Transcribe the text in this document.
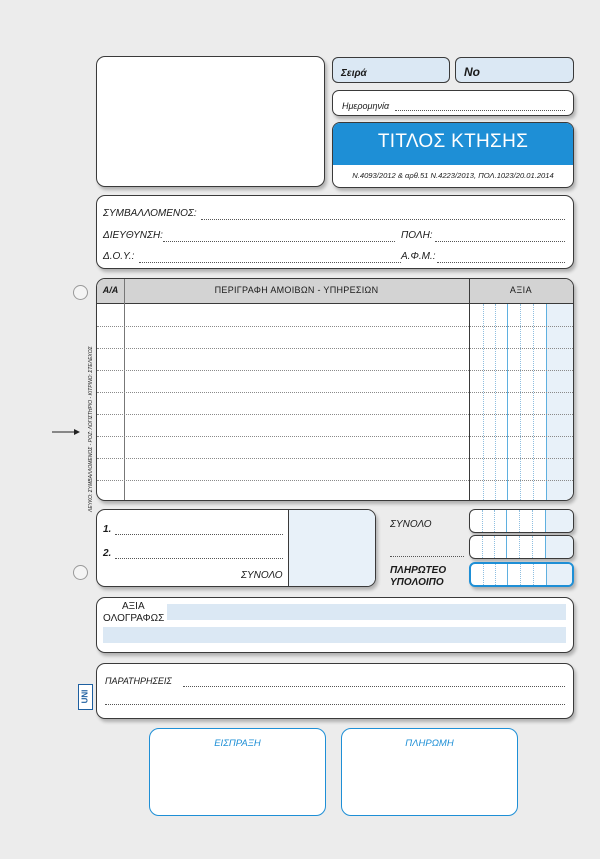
Σειρά	Νο
Ημερομηνία
ΤΙΤΛΟΣ ΚΤΗΣΗΣ
Ν.4093/2012 & αρθ.51 Ν.4223/2013, ΠΟΛ.1023/20.01.2014
ΣΥΜΒΑΛΛΟΜΕΝΟΣ:
ΔΙΕΥΘΥΝΣΗ:	ΠΟΛΗ:
Δ.Ο.Υ.:	Α.Φ.Μ.:
ΛΕΥΚΟ: ΣΥΜΒΑΛΛΟΜΕΝΟΣ - ΡΟΖ: ΛΟΓΙΣΤΗΡΙΟ - ΚΙΤΡΙΝΟ: ΣΤΕΛΕΧΟΣ
Α/Α	ΠΕΡΙΓΡΑΦΗ ΑΜΟΙΒΩΝ - ΥΠΗΡΕΣΙΩΝ	ΑΞΙΑ
1.
2.
ΣΥΝΟΛΟ
ΣΥΝΟΛΟ
ΠΛΗΡΩΤΕΟ
ΥΠΟΛΟΙΠΟ
ΑΞΙΑ
ΟΛΟΓΡΑΦΩΣ
ΠΑΡΑΤΗΡΗΣΕΙΣ
UNI
ΕΙΣΠΡΑΞΗ	ΠΛΗΡΩΜΗ
